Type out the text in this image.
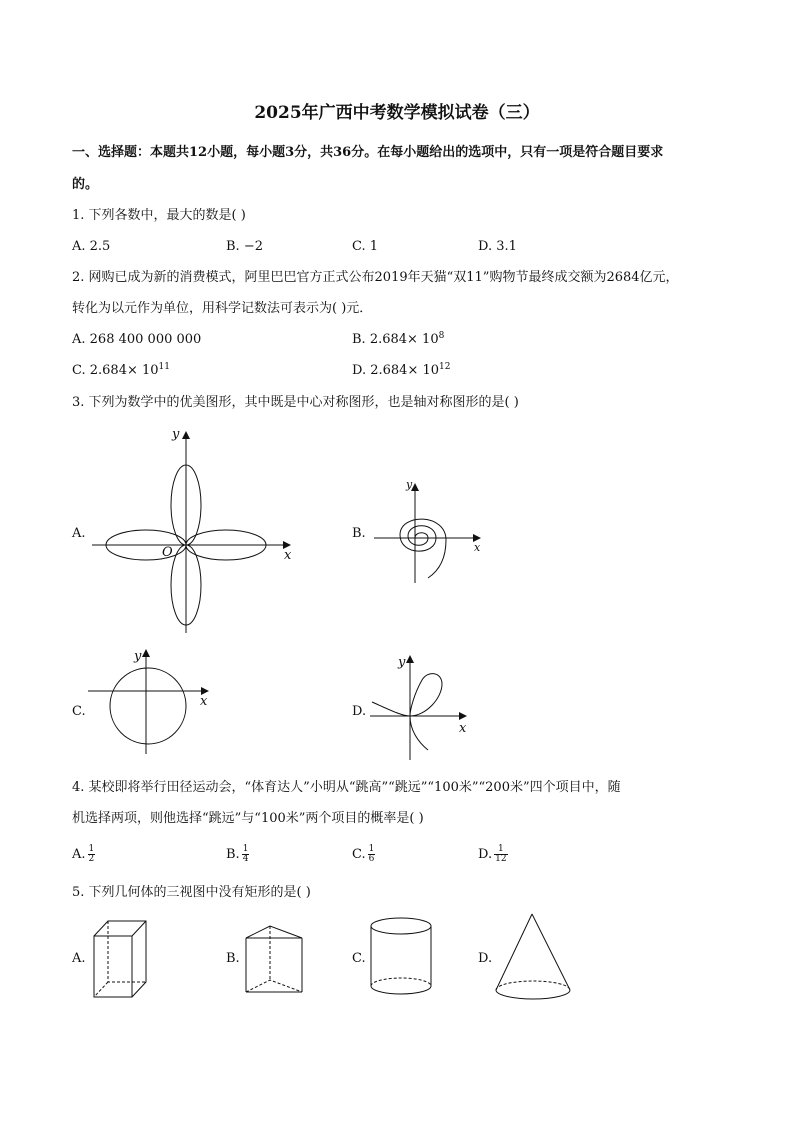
2025年广西中考数学模拟试卷（三）
一、选择题：本题共12小题，每小题3分，共36分。在每小题给出的选项中，只有一项是符合题目要求
的。
1. 下列各数中，最大的数是( )
A. 2.5	B. −2	C. 1	D. 3.1
2. 网购已成为新的消费模式，阿里巴巴官方正式公布2019年天猫“双11”购物节最终成交额为2684亿元，
转化为以元作为单位，用科学记数法可表示为( )元．
A. 268 400 000 000	B. $2.684\times 10^8$
C. $2.684\times 10^{11}$	D. $2.684\times 10^{12}$
3. 下列为数学中的优美图形，其中既是中心对称图形，也是轴对称图形的是( )
A.
x
y
O
B.
x
y
C.
x
y
D.
x
y
4. 某校即将举行田径运动会，“体育达人”小明从“跳高”“跳远”“100米”“200米”四个项目中，随
机选择两项，则他选择“跳远”与“100米”两个项目的概率是( )
A. $\frac{1}{2}$	B. $\frac{1}{4}$	C. $\frac{1}{6}$	D. $\frac{1}{12}$
5. 下列几何体的三视图中没有矩形的是( )
A.	B.	C.	D.
